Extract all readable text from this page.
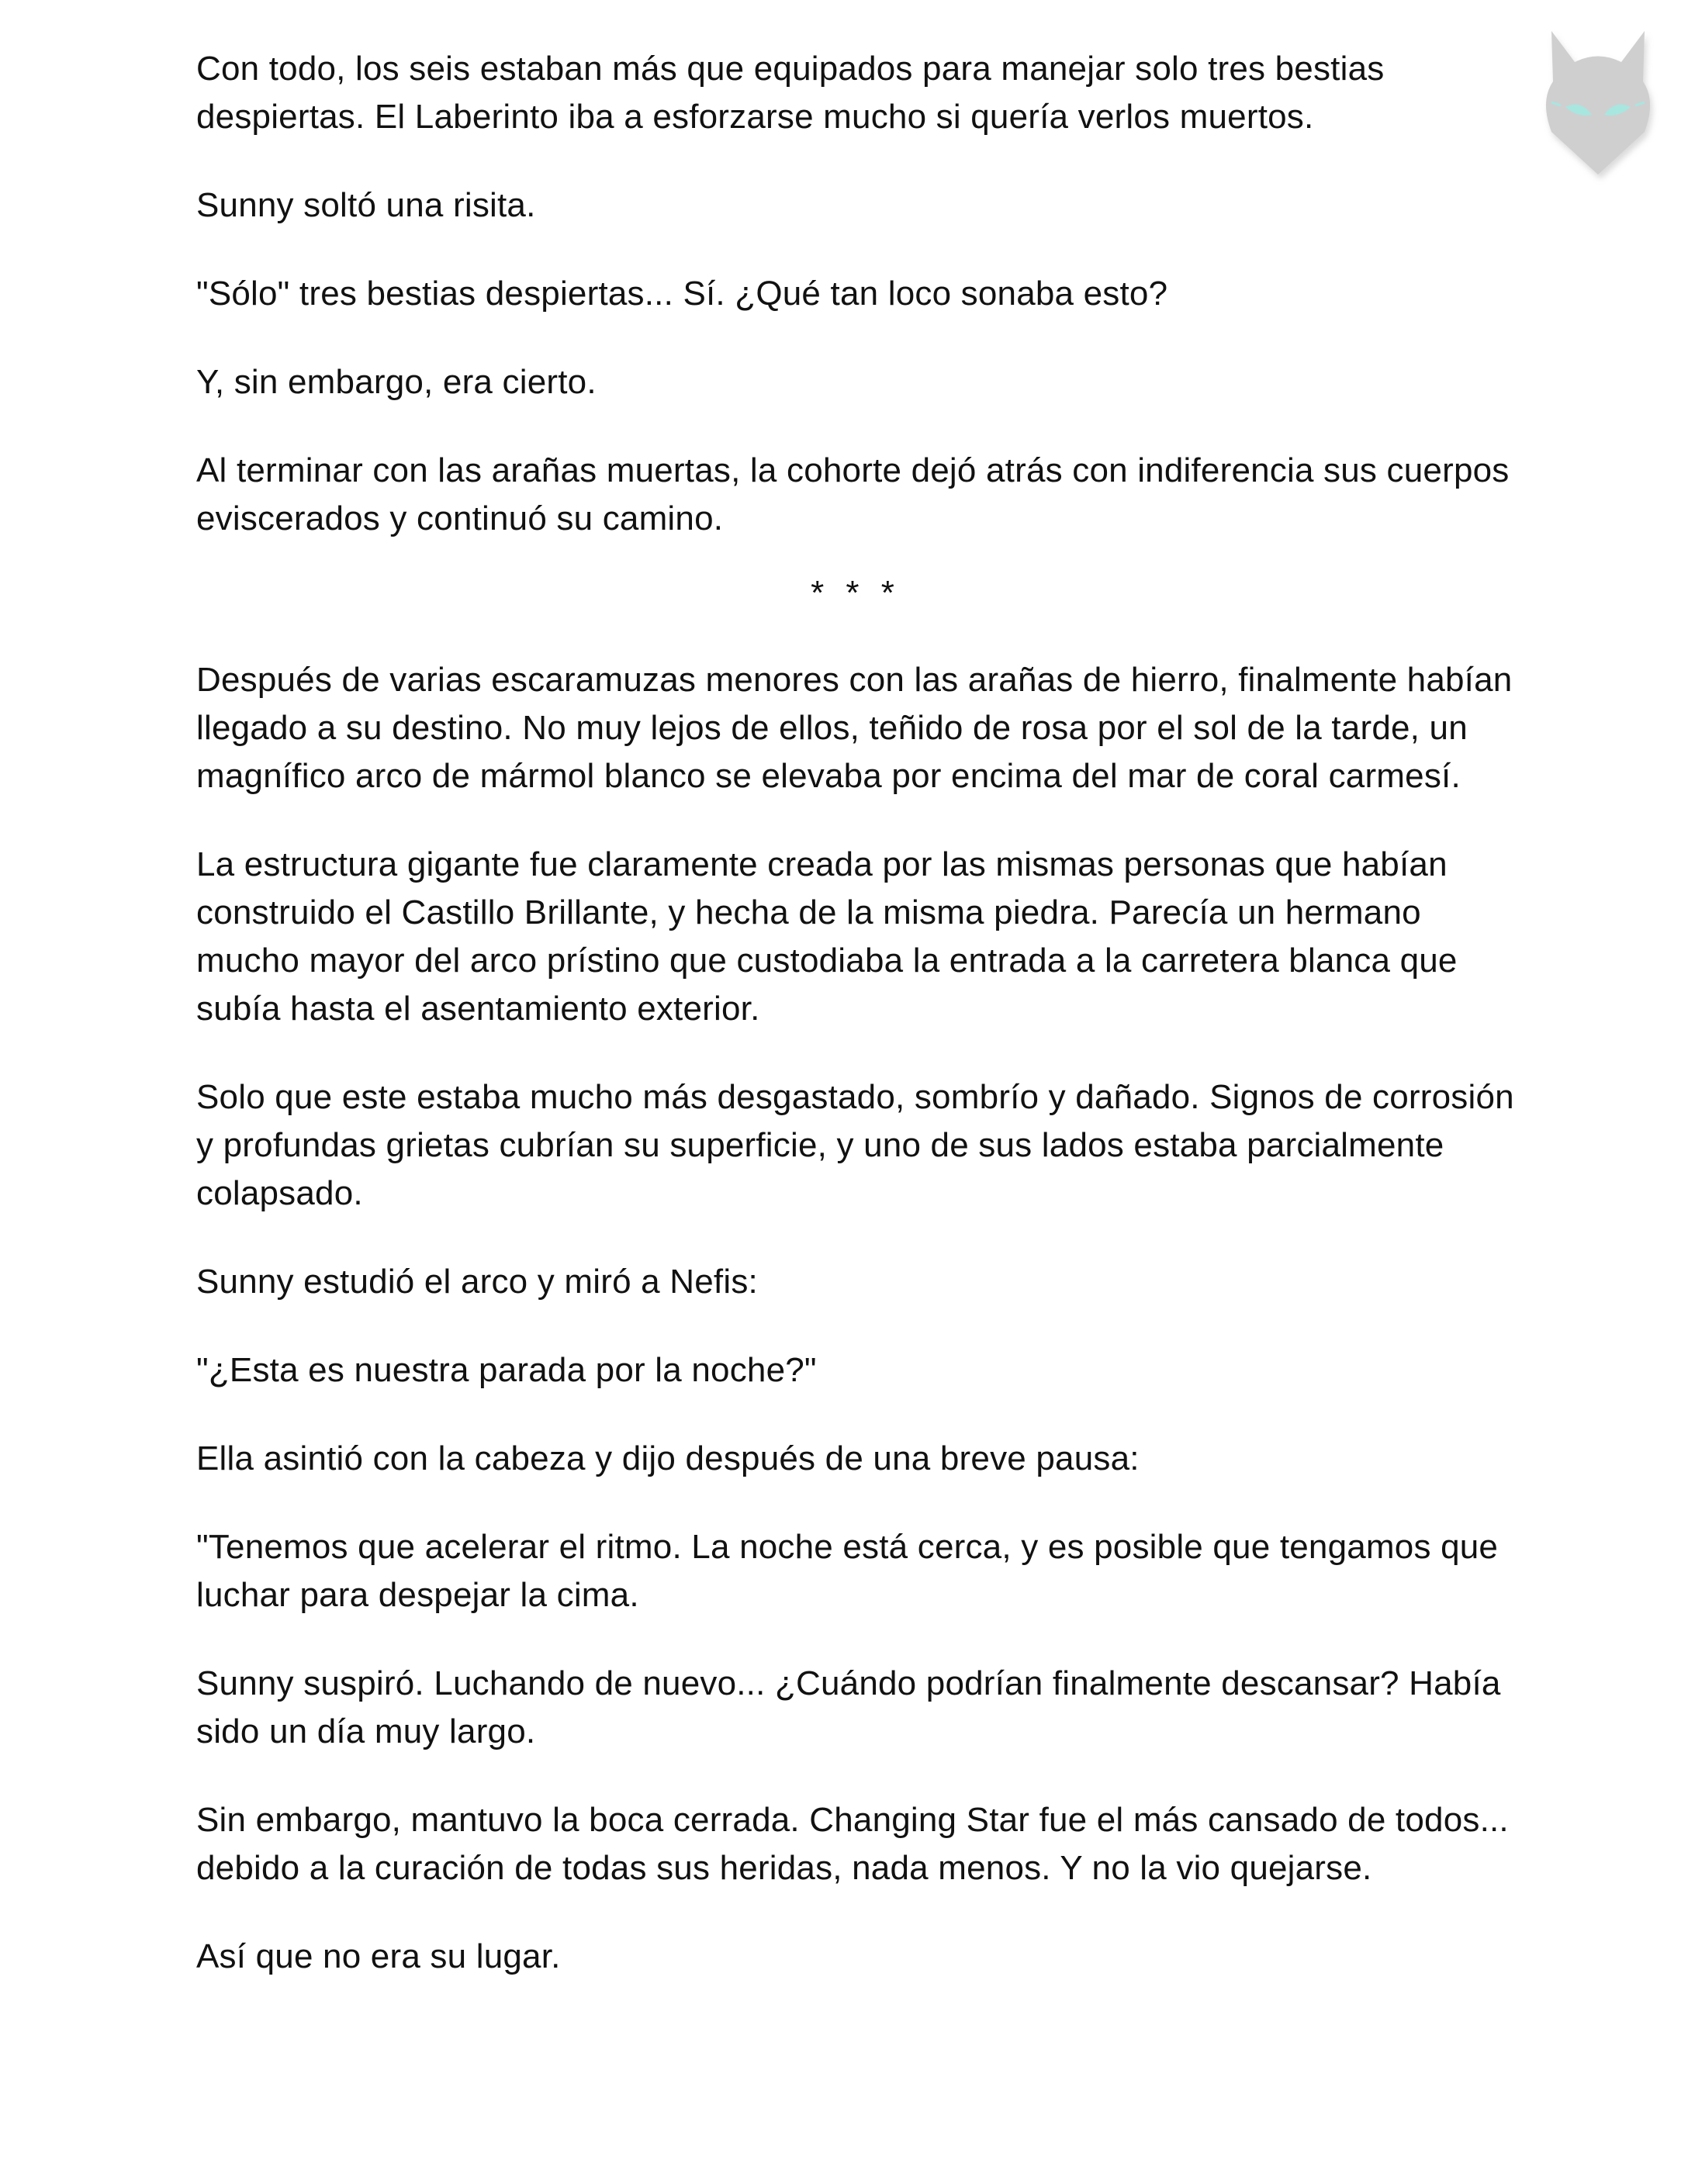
Con todo, los seis estaban más que equipados para manejar solo tres bestias despiertas. El Laberinto iba a esforzarse mucho si quería verlos muertos.

Sunny soltó una risita.

"Sólo" tres bestias despiertas... Sí. ¿Qué tan loco sonaba esto?

Y, sin embargo, era cierto.

Al terminar con las arañas muertas, la cohorte dejó atrás con indiferencia sus cuerpos eviscerados y continuó su camino.

* * *

Después de varias escaramuzas menores con las arañas de hierro, finalmente habían llegado a su destino. No muy lejos de ellos, teñido de rosa por el sol de la tarde, un magnífico arco de mármol blanco se elevaba por encima del mar de coral carmesí.

La estructura gigante fue claramente creada por las mismas personas que habían construido el Castillo Brillante, y hecha de la misma piedra. Parecía un hermano mucho mayor del arco prístino que custodiaba la entrada a la carretera blanca que subía hasta el asentamiento exterior.

Solo que este estaba mucho más desgastado, sombrío y dañado. Signos de corrosión y profundas grietas cubrían su superficie, y uno de sus lados estaba parcialmente colapsado.

Sunny estudió el arco y miró a Nefis:

"¿Esta es nuestra parada por la noche?"

Ella asintió con la cabeza y dijo después de una breve pausa:

"Tenemos que acelerar el ritmo. La noche está cerca, y es posible que tengamos que luchar para despejar la cima.

Sunny suspiró. Luchando de nuevo... ¿Cuándo podrían finalmente descansar? Había sido un día muy largo.

Sin embargo, mantuvo la boca cerrada. Changing Star fue el más cansado de todos... debido a la curación de todas sus heridas, nada menos. Y no la vio quejarse.

Así que no era su lugar.
